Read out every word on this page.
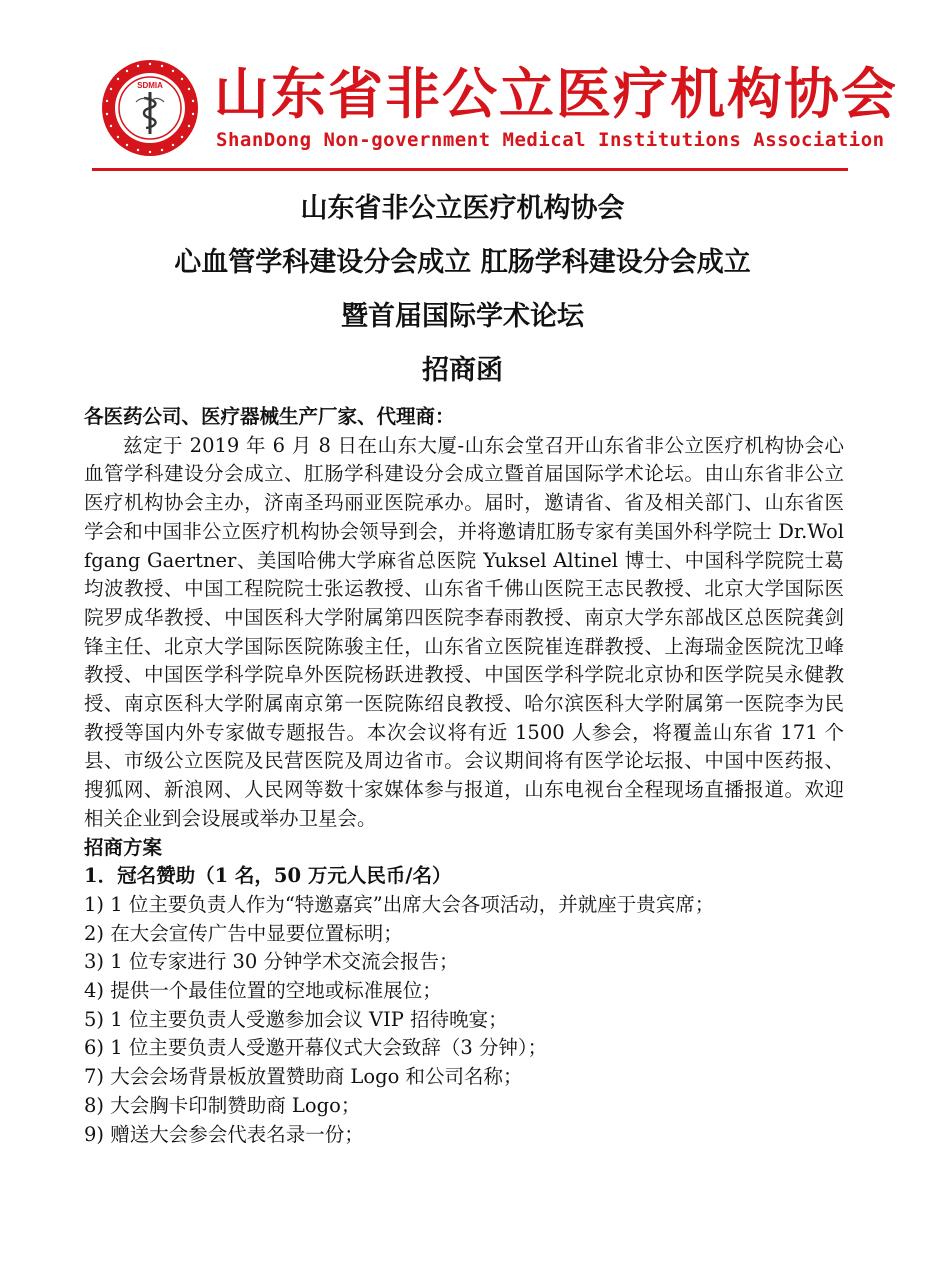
SDMIA 山东省非公立医疗机构协会
ShanDong Non-government Medical Institutions Association
山东省非公立医疗机构协会
心血管学科建设分会成立 肛肠学科建设分会成立
暨首届国际学术论坛
招商函
各医药公司、医疗器械生产厂家、代理商：

兹定于 2019 年 6 月 8 日在山东大厦-山东会堂召开山东省非公立医疗机构协会心血管学科建设分会成立、肛肠学科建设分会成立暨首届国际学术论坛。由山东省非公立医疗机构协会主办，济南圣玛丽亚医院承办。届时，邀请省、省及相关部门、山东省医学会和中国非公立医疗机构协会领导到会，并将邀请肛肠专家有美国外科学院士 Dr.Wolfgang Gaertner、美国哈佛大学麻省总医院 Yuksel Altinel 博士、中国科学院院士葛均波教授、中国工程院院士张运教授、山东省千佛山医院王志民教授、北京大学国际医院罗成华教授、中国医科大学附属第四医院李春雨教授、南京大学东部战区总医院龚剑锋主任、北京大学国际医院陈骏主任，山东省立医院崔连群教授、上海瑞金医院沈卫峰教授、中国医学科学院阜外医院杨跃进教授、中国医学科学院北京协和医学院吴永健教授、南京医科大学附属南京第一医院陈绍良教授、哈尔滨医科大学附属第一医院李为民教授等国内外专家做专题报告。本次会议将有近 1500 人参会，将覆盖山东省 171 个县、市级公立医院及民营医院及周边省市。会议期间将有医学论坛报、中国中医药报、搜狐网、新浪网、人民网等数十家媒体参与报道，山东电视台全程现场直播报道。欢迎相关企业到会设展或举办卫星会。

招商方案
1．冠名赞助（1 名，50 万元人民币/名）
1) 1 位主要负责人作为“特邀嘉宾”出席大会各项活动，并就座于贵宾席；
2) 在大会宣传广告中显要位置标明；
3) 1 位专家进行 30 分钟学术交流会报告；
4) 提供一个最佳位置的空地或标准展位；
5) 1 位主要负责人受邀参加会议 VIP 招待晚宴；
6) 1 位主要负责人受邀开幕仪式大会致辞（3 分钟）；
7) 大会会场背景板放置赞助商 Logo 和公司名称；
8) 大会胸卡印制赞助商 Logo；
9) 赠送大会参会代表名录一份；
